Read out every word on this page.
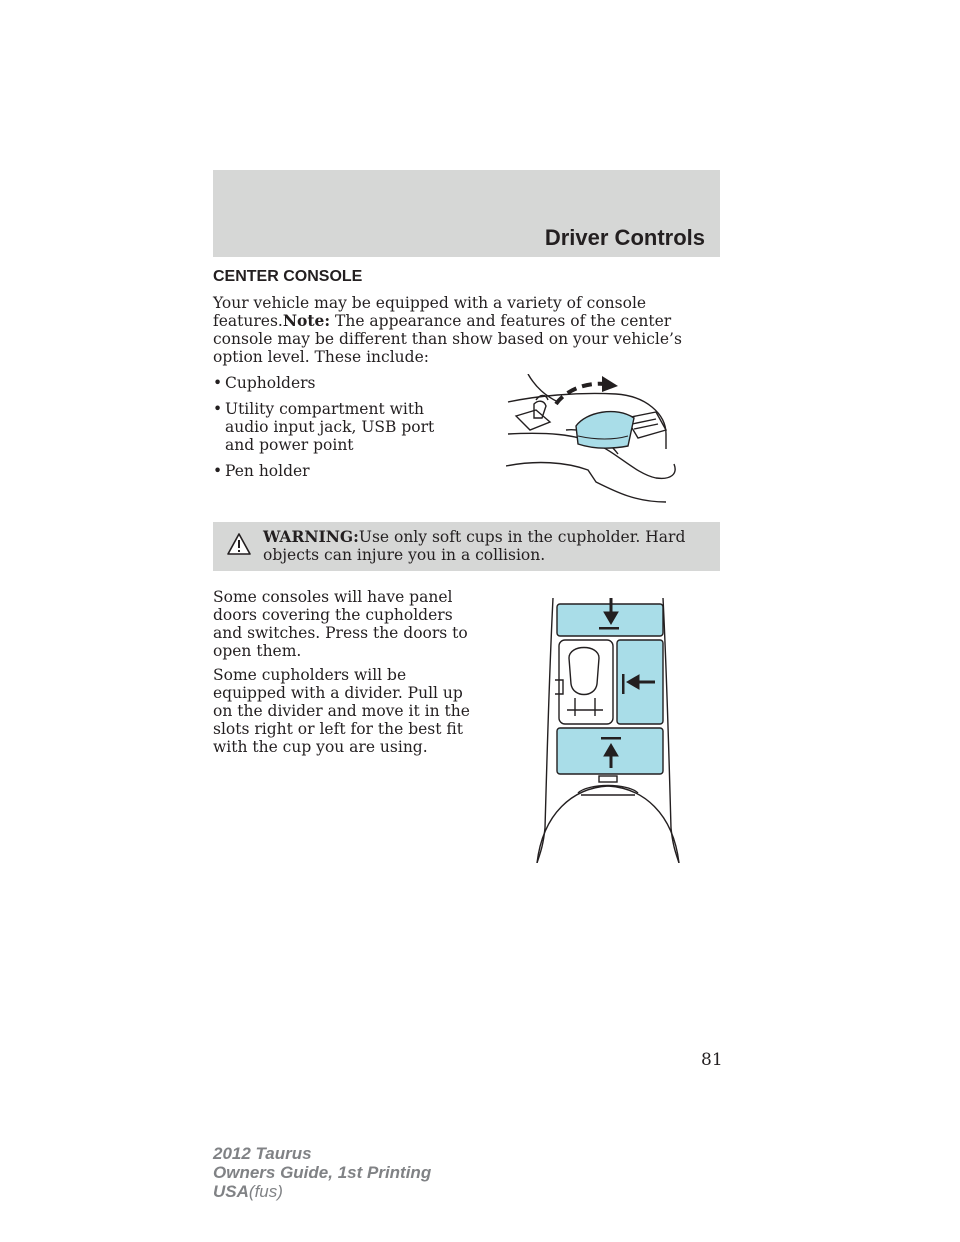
Driver Controls
CENTER CONSOLE

Your vehicle may be equipped with a variety of console features.Note: The appearance and features of the center console may be different than show based on your vehicle’s option level. These include:

• Cupholders
• Utility compartment with audio input jack, USB port and power point
• Pen holder
WARNING:Use only soft cups in the cupholder. Hard objects can injure you in a collision.

Some consoles will have panel doors covering the cupholders and switches. Press the doors to open them.

Some cupholders will be equipped with a divider. Pull up on the divider and move it in the slots right or left for the best fit with the cup you are using.

81
2012 Taurus
Owners Guide, 1st Printing
USA(fus)
